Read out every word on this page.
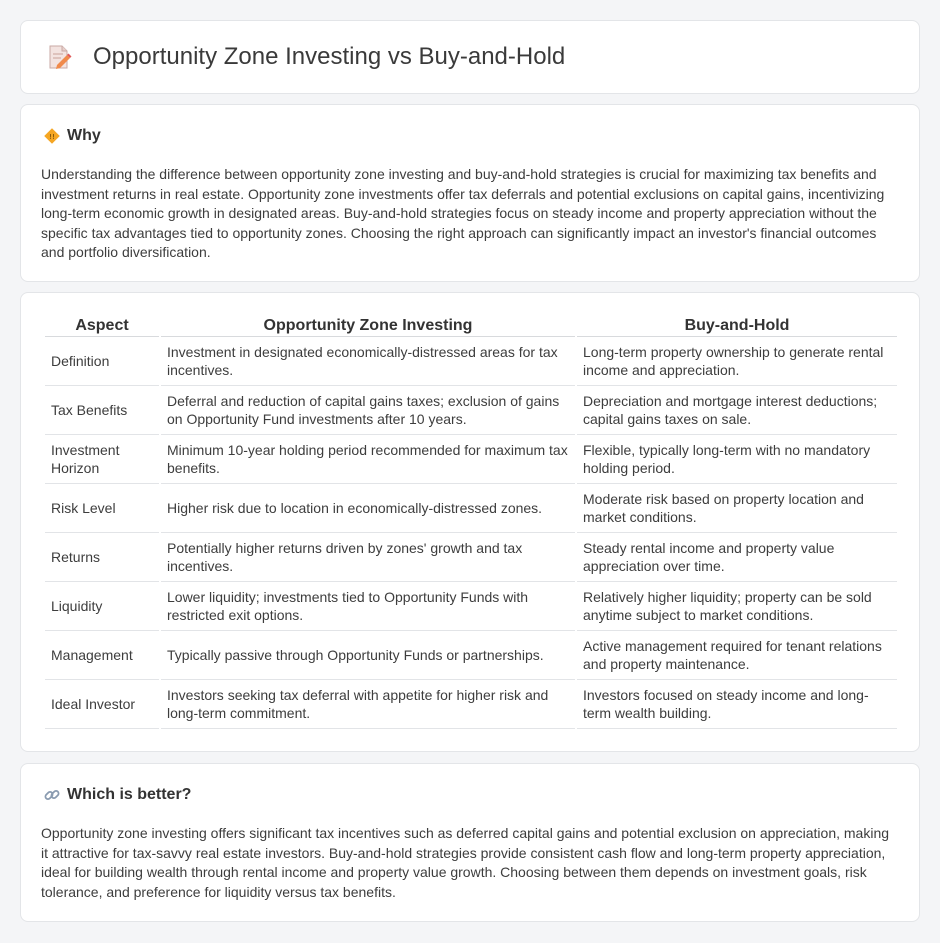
Opportunity Zone Investing vs Buy-and-Hold
!! Why

Understanding the difference between opportunity zone investing and buy-and-hold strategies is crucial for maximizing tax benefits and investment returns in real estate. Opportunity zone investments offer tax deferrals and potential exclusions on capital gains, incentivizing long-term economic growth in designated areas. Buy-and-hold strategies focus on steady income and property appreciation without the specific tax advantages tied to opportunity zones. Choosing the right approach can significantly impact an investor's financial outcomes and portfolio diversification.

Aspect	Opportunity Zone Investing	Buy-and-Hold
Definition	Investment in designated economically-distressed areas for tax incentives.	Long-term property ownership to generate rental income and appreciation.
Tax Benefits	Deferral and reduction of capital gains taxes; exclusion of gains on Opportunity Fund investments after 10 years.	Depreciation and mortgage interest deductions; capital gains taxes on sale.
Investment Horizon	Minimum 10-year holding period recommended for maximum tax benefits.	Flexible, typically long-term with no mandatory holding period.
Risk Level	Higher risk due to location in economically-distressed zones.	Moderate risk based on property location and market conditions.
Returns	Potentially higher returns driven by zones' growth and tax incentives.	Steady rental income and property value appreciation over time.
Liquidity	Lower liquidity; investments tied to Opportunity Funds with restricted exit options.	Relatively higher liquidity; property can be sold anytime subject to market conditions.
Management	Typically passive through Opportunity Funds or partnerships.	Active management required for tenant relations and property maintenance.
Ideal Investor	Investors seeking tax deferral with appetite for higher risk and long-term commitment.	Investors focused on steady income and long-term wealth building.
Which is better?

Opportunity zone investing offers significant tax incentives such as deferred capital gains and potential exclusion on appreciation, making it attractive for tax-savvy real estate investors. Buy-and-hold strategies provide consistent cash flow and long-term property appreciation, ideal for building wealth through rental income and property value growth. Choosing between them depends on investment goals, risk tolerance, and preference for liquidity versus tax benefits.
